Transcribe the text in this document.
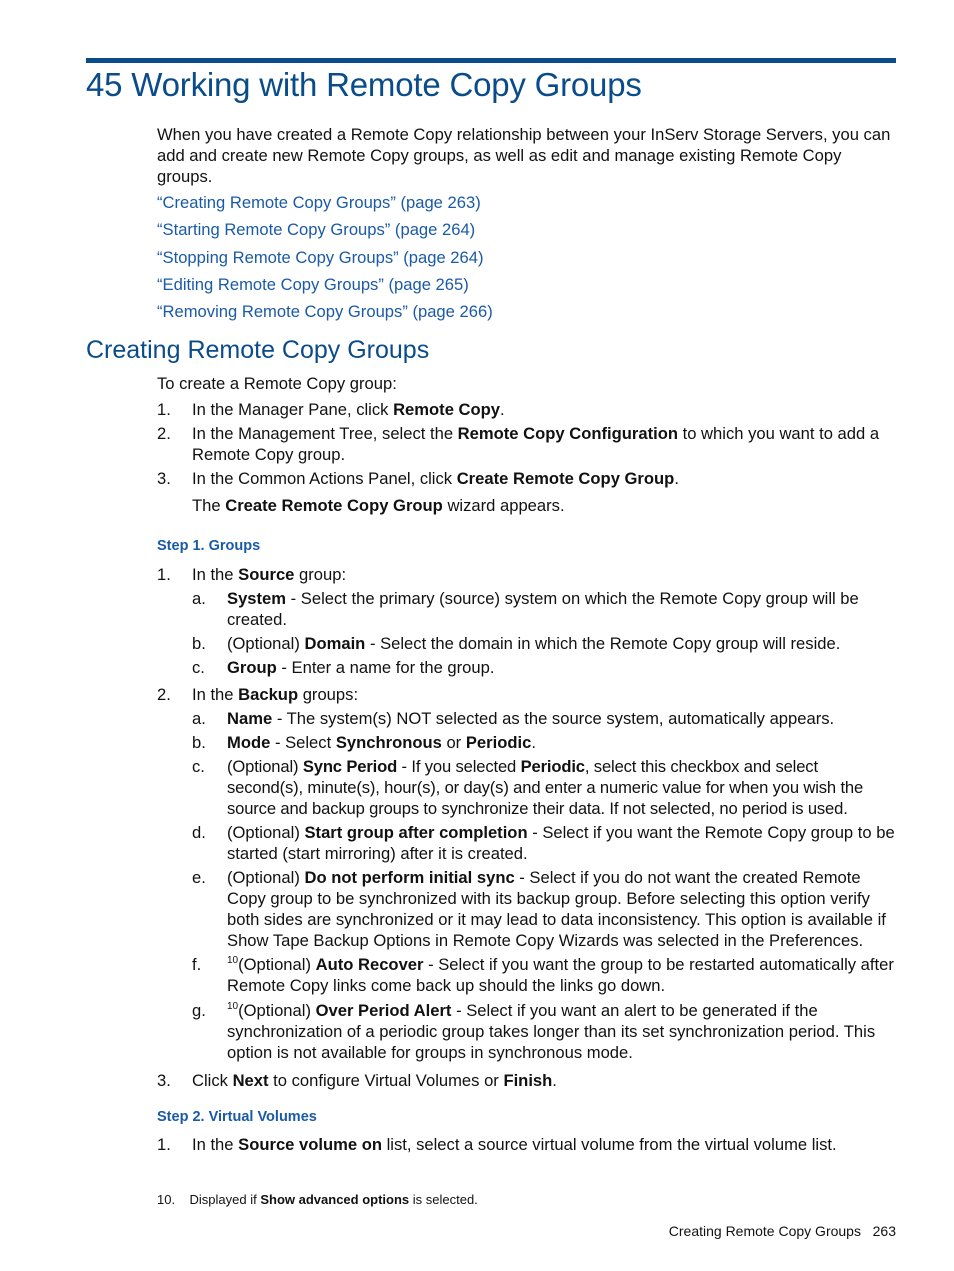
45 Working with Remote Copy Groups
When you have created a Remote Copy relationship between your InServ Storage Servers, you can add and create new Remote Copy groups, as well as edit and manage existing Remote Copy groups.
“Creating Remote Copy Groups” (page 263)
“Starting Remote Copy Groups” (page 264)
“Stopping Remote Copy Groups” (page 264)
“Editing Remote Copy Groups” (page 265)
“Removing Remote Copy Groups” (page 266)
Creating Remote Copy Groups
To create a Remote Copy group:
1. In the Manager Pane, click Remote Copy.
2. In the Management Tree, select the Remote Copy Configuration to which you want to add a Remote Copy group.
3. In the Common Actions Panel, click Create Remote Copy Group.
The Create Remote Copy Group wizard appears.
Step 1. Groups
1. In the Source group:
a. System - Select the primary (source) system on which the Remote Copy group will be created.
b. (Optional) Domain - Select the domain in which the Remote Copy group will reside.
c. Group - Enter a name for the group.
2. In the Backup groups:
a. Name - The system(s) NOT selected as the source system, automatically appears.
b. Mode - Select Synchronous or Periodic.
c. (Optional) Sync Period - If you selected Periodic, select this checkbox and select second(s), minute(s), hour(s), or day(s) and enter a numeric value for when you wish the source and backup groups to synchronize their data. If not selected, no period is used.
d. (Optional) Start group after completion - Select if you want the Remote Copy group to be started (start mirroring) after it is created.
e. (Optional) Do not perform initial sync - Select if you do not want the created Remote Copy group to be synchronized with its backup group. Before selecting this option verify both sides are synchronized or it may lead to data inconsistency. This option is available if Show Tape Backup Options in Remote Copy Wizards was selected in the Preferences.
f.	$^{10}$(Optional) Auto Recover - Select if you want the group to be restarted automatically after Remote Copy links come back up should the links go down.
g. $^{10}$(Optional) Over Period Alert - Select if you want an alert to be generated if the synchronization of a periodic group takes longer than its set synchronization period. This option is not available for groups in synchronous mode.
3. Click Next to configure Virtual Volumes or Finish.
Step 2. Virtual Volumes
1. In the Source volume on list, select a source virtual volume from the virtual volume list.
10. Displayed if Show advanced options is selected.
Creating Remote Copy Groups 263
